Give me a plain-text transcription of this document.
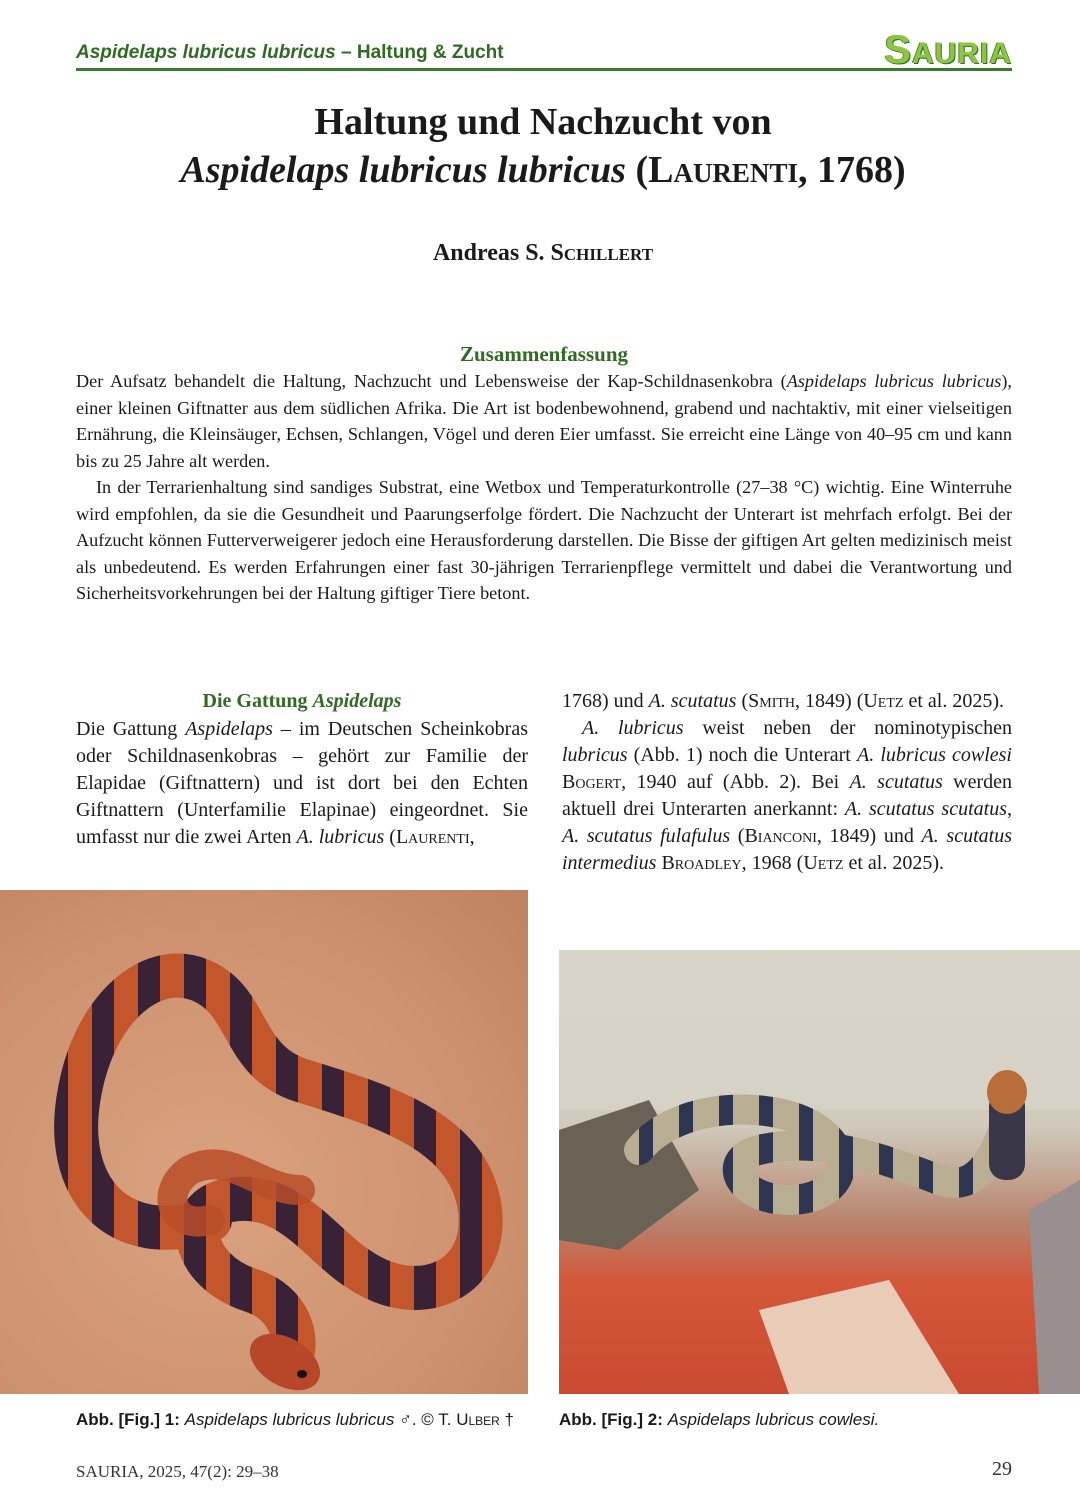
Aspidelaps lubricus lubricus – Haltung & Zucht	SAURIA
Haltung und Nachzucht von
Aspidelaps lubricus lubricus (Laurenti, 1768)
Andreas S. Schillert
Zusammenfassung

Der Aufsatz behandelt die Haltung, Nachzucht und Lebensweise der Kap-Schildnasenkobra (Aspidelaps lubricus lubricus), einer kleinen Giftnatter aus dem südlichen Afrika. Die Art ist bodenbewohnend, grabend und nachtaktiv, mit einer vielseitigen Ernährung, die Kleinsäuger, Echsen, Schlangen, Vögel und deren Eier umfasst. Sie erreicht eine Länge von 40–95 cm und kann bis zu 25 Jahre alt werden.

In der Terrarienhaltung sind sandiges Substrat, eine Wetbox und Temperaturkontrolle (27–38 °C) wichtig. Eine Winterruhe wird empfohlen, da sie die Gesundheit und Paarungserfolge fördert. Die Nachzucht der Unterart ist mehrfach erfolgt. Bei der Aufzucht können Futterverweigerer jedoch eine Herausforderung darstellen. Die Bisse der giftigen Art gelten medizinisch meist als unbedeutend. Es werden Erfahrungen einer fast 30-jährigen Terrarienpflege vermittelt und dabei die Verantwortung und Sicherheitsvorkehrungen bei der Haltung giftiger Tiere betont.

Die Gattung Aspidelaps

Die Gattung Aspidelaps – im Deutschen Scheinkobras oder Schildnasenkobras – gehört zur Familie der Elapidae (Giftnattern) und ist dort bei den Echten Giftnattern (Unterfamilie Elapinae) eingeordnet. Sie umfasst nur die zwei Arten A. lubricus (Laurenti,

1768) und A. scutatus (Smith, 1849) (Uetz et al. 2025).

A. lubricus weist neben der nominotypischen lubricus (Abb. 1) noch die Unterart A. lubricus cowlesi Bogert, 1940 auf (Abb. 2). Bei A. scutatus werden aktuell drei Unterarten anerkannt: A. scutatus scutatus, A. scutatus fulafulus (Bianconi, 1849) und A. scutatus intermedius Broadley, 1968 (Uetz et al. 2025).

Abb. [Fig.] 1: Aspidelaps lubricus lubricus ♂. © T. Ulber †	Abb. [Fig.] 2: Aspidelaps lubricus cowlesi.
SAURIA, 2025, 47(2): 29–38	29
